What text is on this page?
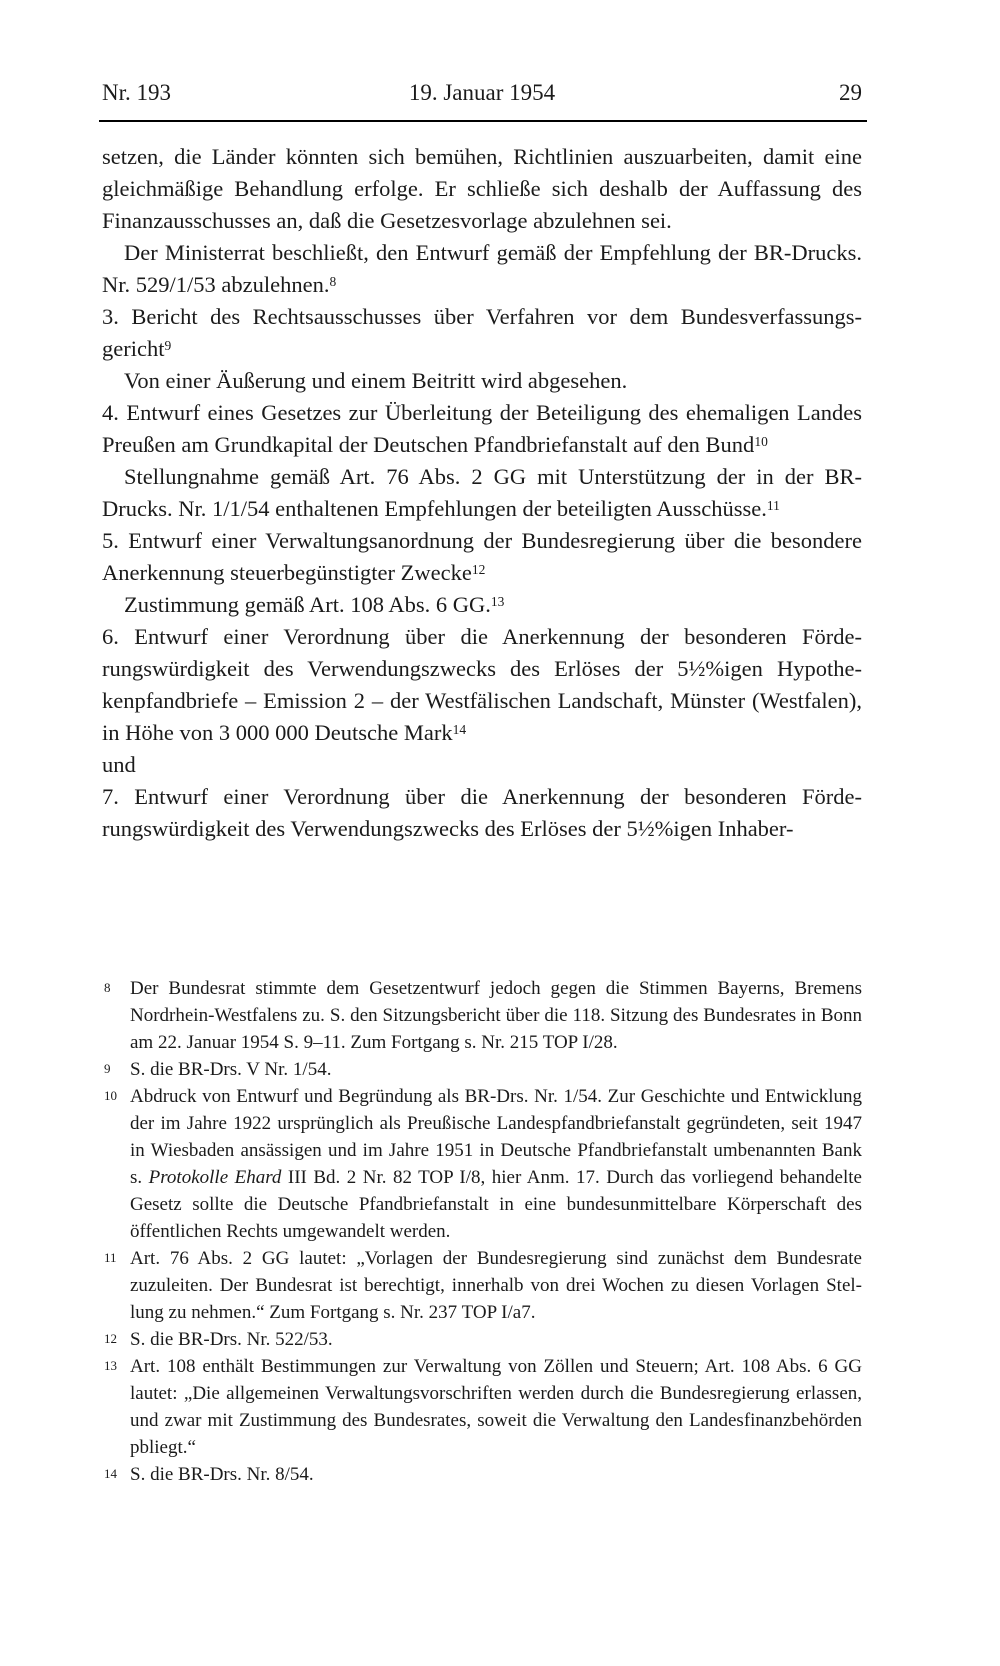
Nr. 193	19. Januar 1954	29

setzen, die Länder könnten sich bemühen, Richtlinien auszuarbeiten, damit eine gleichmäßige Behandlung erfolge. Er schließe sich deshalb der Auffassung des Finanzausschusses an, daß die Gesetzesvorlage abzulehnen sei.

Der Ministerrat beschließt, den Entwurf gemäß der Empfehlung der BR-Drucks. Nr. 529/1/53 abzulehnen.$^8$

3. Bericht des Rechtsausschusses über Verfahren vor dem Bundesverfassungsgericht$^9$

Von einer Äußerung und einem Beitritt wird abgesehen.

4. Entwurf eines Gesetzes zur Überleitung der Beteiligung des ehemaligen Landes Preußen am Grundkapital der Deutschen Pfandbriefanstalt auf den Bund$^{10}$

Stellungnahme gemäß Art. 76 Abs. 2 GG mit Unterstützung der in der BR-Drucks. Nr. 1/1/54 enthaltenen Empfehlungen der beteiligten Ausschüsse.$^{11}$

5. Entwurf einer Verwaltungsanordnung der Bundesregierung über die besondere Anerkennung steuerbegünstigter Zwecke$^{12}$

Zustimmung gemäß Art. 108 Abs. 6 GG.$^{13}$

6. Entwurf einer Verordnung über die Anerkennung der besonderen Förderungswürdigkeit des Verwendungszwecks des Erlöses der 5½%igen Hypothekenpfandbriefe – Emission 2 – der Westfälischen Landschaft, Münster (Westfalen), in Höhe von 3 000 000 Deutsche Mark$^{14}$

und

7. Entwurf einer Verordnung über die Anerkennung der besonderen Förderungswürdigkeit des Verwendungszwecks des Erlöses der 5½%igen Inhaber-

8 Der Bundesrat stimmte dem Gesetzentwurf jedoch gegen die Stimmen Bayerns, Bremens Nordrhein-Westfalens zu. S. den Sitzungsbericht über die 118. Sitzung des Bundesrates in Bonn am 22. Januar 1954 S. 9–11. Zum Fortgang s. Nr. 215 TOP I/28.
9 S. die BR-Drs. V Nr. 1/54.
10 Abdruck von Entwurf und Begründung als BR-Drs. Nr. 1/54. Zur Geschichte und Entwicklung der im Jahre 1922 ursprünglich als Preußische Landespfandbriefanstalt gegründeten, seit 1947 in Wiesbaden ansässigen und im Jahre 1951 in Deutsche Pfandbriefanstalt umbenannten Bank s. Protokolle Ehard III Bd. 2 Nr. 82 TOP I/8, hier Anm. 17. Durch das vorliegend behandelte Gesetz sollte die Deutsche Pfandbriefanstalt in eine bundesunmittelbare Körperschaft des öffentlichen Rechts umgewandelt werden.
11 Art. 76 Abs. 2 GG lautet: „Vorlagen der Bundesregierung sind zunächst dem Bundesrate zuzuleiten. Der Bundesrat ist berechtigt, innerhalb von drei Wochen zu diesen Vorlagen Stellung zu nehmen.“ Zum Fortgang s. Nr. 237 TOP I/a7.
12 S. die BR-Drs. Nr. 522/53.
13 Art. 108 enthält Bestimmungen zur Verwaltung von Zöllen und Steuern; Art. 108 Abs. 6 GG lautet: „Die allgemeinen Verwaltungsvorschriften werden durch die Bundesregierung erlassen, und zwar mit Zustimmung des Bundesrates, soweit die Verwaltung den Landesfinanzbehörden pbliegt.“
14 S. die BR-Drs. Nr. 8/54.
